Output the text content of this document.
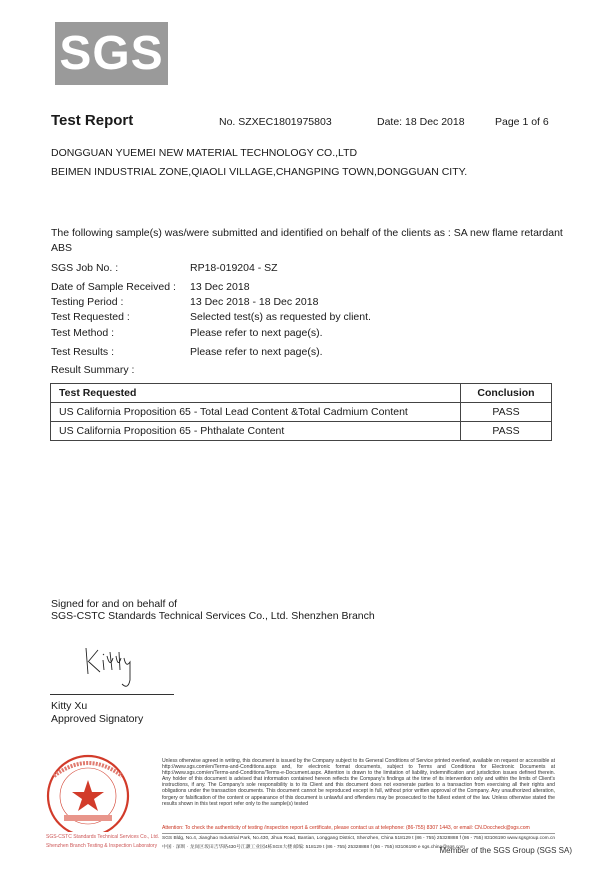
SGS
Test Report	No. SZXEC1801975803	Date: 18 Dec 2018	Page 1 of 6
DONGGUAN YUEMEI NEW MATERIAL TECHNOLOGY CO.,LTD
BEIMEN INDUSTRIAL ZONE,QIAOLI VILLAGE,CHANGPING TOWN,DONGGUAN CITY.
The following sample(s) was/were submitted and identified on behalf of the clients as : SA new flame retardant
ABS
SGS Job No. :	RP18-019204 - SZ
Date of Sample Received : 13 Dec 2018
Testing Period :	13 Dec 2018 - 18 Dec 2018
Test Requested :	Selected test(s) as requested by client.
Test Method :	Please refer to next page(s).
Test Results :	Please refer to next page(s).
Result Summary :
Test Requested	Conclusion
US California Proposition 65 - Total Lead Content &Total Cadmium Content	PASS
US California Proposition 65 - Phthalate Content	PASS
Signed for and on behalf of
SGS-CSTC Standards Technical Services Co., Ltd. Shenzhen Branch
Kitty Xu
Approved Signatory
SGS-CSTC Standards Technical Services Co., Ltd.
Shenzhen Branch Testing & Inspection Laboratory
Unless otherwise agreed in writing, this document is issued by the Company subject to its General Conditions of Service printed overleaf, available on request or accessible at http://www.sgs.com/en/Terms-and-Conditions.aspx and, for electronic format documents, subject to Terms and Conditions for Electronic Documents at http://www.sgs.com/en/Terms-and-Conditions/Terms-e-Document.aspx. Attention is drawn to the limitation of liability, indemnification and jurisdiction issues defined therein. Any holder of this document is advised that information contained hereon reflects the Company's findings at the time of its intervention only and within the limits of Client's instructions, if any. The Company's sole responsibility is to its Client and this document does not exonerate parties to a transaction from exercising all their rights and obligations under the transaction documents. This document cannot be reproduced except in full, without prior written approval of the Company. Any unauthorized alteration, forgery or falsification of the content or appearance of this document is unlawful and offenders may be prosecuted to the fullest extent of the law. Unless otherwise stated the results shown in this test report refer only to the sample(s) tested
Attention: To check the authenticity of testing /inspection report & certificate, please contact us at telephone: (86-755) 8307 1443, or email: CN.Doccheck@sgs.com
SGS Bldg, No.4, Jianghao Industrial Park, No.430, Jihua Road, Bantian, Longgang District, Shenzhen, China 518129 t (86 - 755) 25328888 f (86 - 755) 83106190 www.sgsgroup.com.cn
中国 · 深圳 · 龙岗区坂田吉华路430号江灏工业园4栋SGS大楼 邮编: 518129 t (86 - 755) 25328888 f (86 - 755) 83106190 e sgs.china@sgs.com
Member of the SGS Group (SGS SA)
